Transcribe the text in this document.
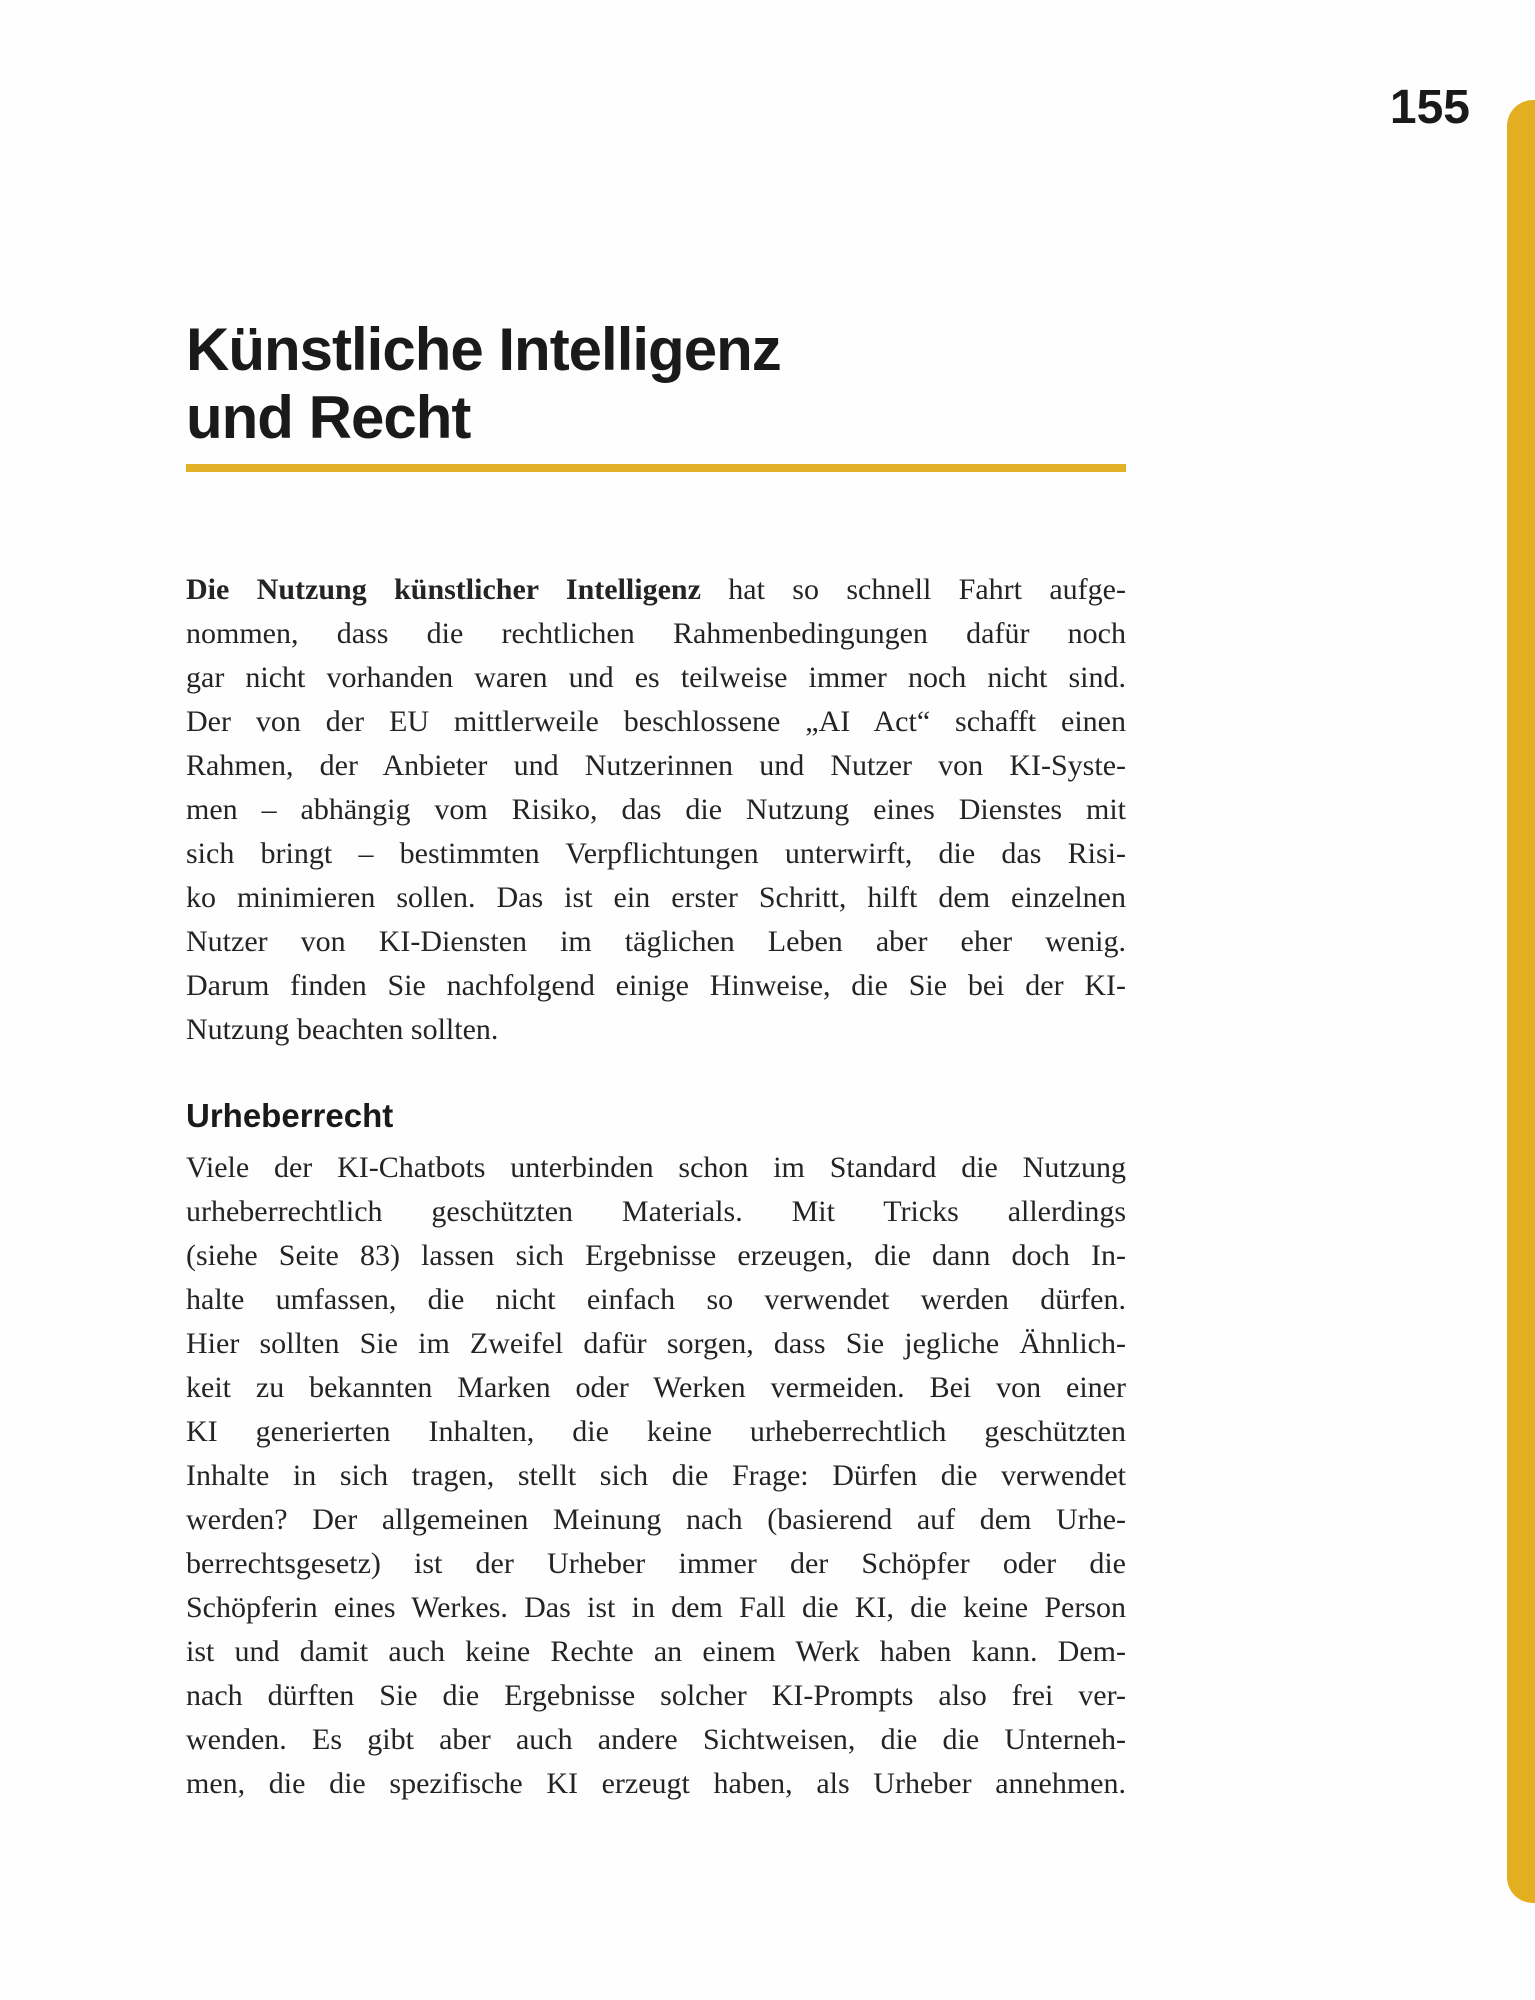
155
Künstliche Intelligenz
und Recht
Die Nutzung künstlicher Intelligenz hat so schnell Fahrt aufge-
nommen, dass die rechtlichen Rahmenbedingungen dafür noch
gar nicht vorhanden waren und es teilweise immer noch nicht sind.
Der von der EU mittlerweile beschlossene „AI Act“ schafft einen
Rahmen, der Anbieter und Nutzerinnen und Nutzer von KI-Syste-
men – abhängig vom Risiko, das die Nutzung eines Dienstes mit
sich bringt – bestimmten Verpflichtungen unterwirft, die das Risi-
ko minimieren sollen. Das ist ein erster Schritt, hilft dem einzelnen
Nutzer von KI-Diensten im täglichen Leben aber eher wenig.
Darum finden Sie nachfolgend einige Hinweise, die Sie bei der KI-
Nutzung beachten sollten.
Urheberrecht
Viele der KI-Chatbots unterbinden schon im Standard die Nutzung
urheberrechtlich geschützten Materials. Mit Tricks allerdings
(siehe Seite 83) lassen sich Ergebnisse erzeugen, die dann doch In-
halte umfassen, die nicht einfach so verwendet werden dürfen.
Hier sollten Sie im Zweifel dafür sorgen, dass Sie jegliche Ähnlich-
keit zu bekannten Marken oder Werken vermeiden. Bei von einer
KI generierten Inhalten, die keine urheberrechtlich geschützten
Inhalte in sich tragen, stellt sich die Frage: Dürfen die verwendet
werden? Der allgemeinen Meinung nach (basierend auf dem Urhe-
berrechtsgesetz) ist der Urheber immer der Schöpfer oder die
Schöpferin eines Werkes. Das ist in dem Fall die KI, die keine Person
ist und damit auch keine Rechte an einem Werk haben kann. Dem-
nach dürften Sie die Ergebnisse solcher KI-Prompts also frei ver-
wenden. Es gibt aber auch andere Sichtweisen, die die Unterneh-
men, die die spezifische KI erzeugt haben, als Urheber annehmen.
